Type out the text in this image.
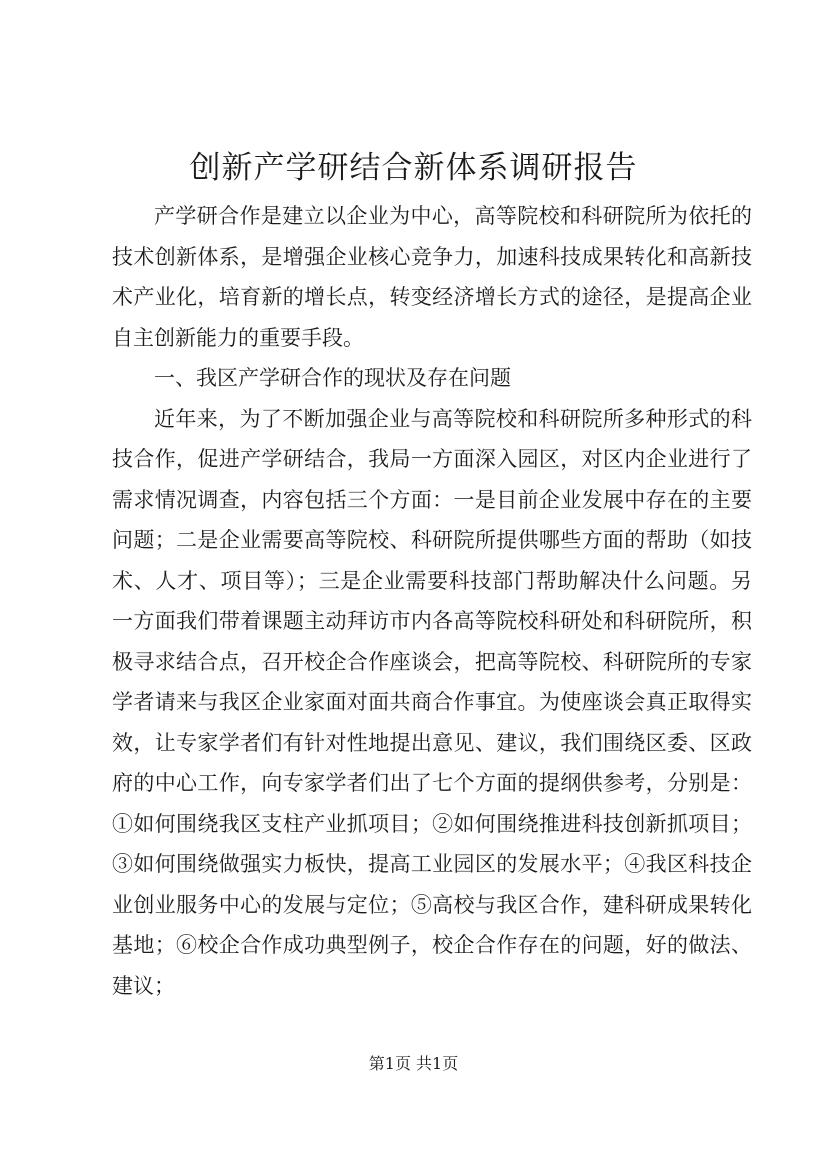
创新产学研结合新体系调研报告

产学研合作是建立以企业为中心，高等院校和科研院所为依托的技术创新体系，是增强企业核心竞争力，加速科技成果转化和高新技术产业化，培育新的增长点，转变经济增长方式的途径，是提高企业自主创新能力的重要手段。

一、我区产学研合作的现状及存在问题

近年来，为了不断加强企业与高等院校和科研院所多种形式的科技合作，促进产学研结合，我局一方面深入园区，对区内企业进行了需求情况调查，内容包括三个方面：一是目前企业发展中存在的主要问题；二是企业需要高等院校、科研院所提供哪些方面的帮助（如技术、人才、项目等）；三是企业需要科技部门帮助解决什么问题。另一方面我们带着课题主动拜访市内各高等院校科研处和科研院所，积极寻求结合点，召开校企合作座谈会，把高等院校、科研院所的专家学者请来与我区企业家面对面共商合作事宜。为使座谈会真正取得实效，让专家学者们有针对性地提出意见、建议，我们围绕区委、区政府的中心工作，向专家学者们出了七个方面的提纲供参考，分别是：①如何围绕我区支柱产业抓项目；②如何围绕推进科技创新抓项目；③如何围绕做强实力板快，提高工业园区的发展水平；④我区科技企业创业服务中心的发展与定位；⑤高校与我区合作，建科研成果转化基地；⑥校企合作成功典型例子，校企合作存在的问题，好的做法、建议；

第1页 共1页
